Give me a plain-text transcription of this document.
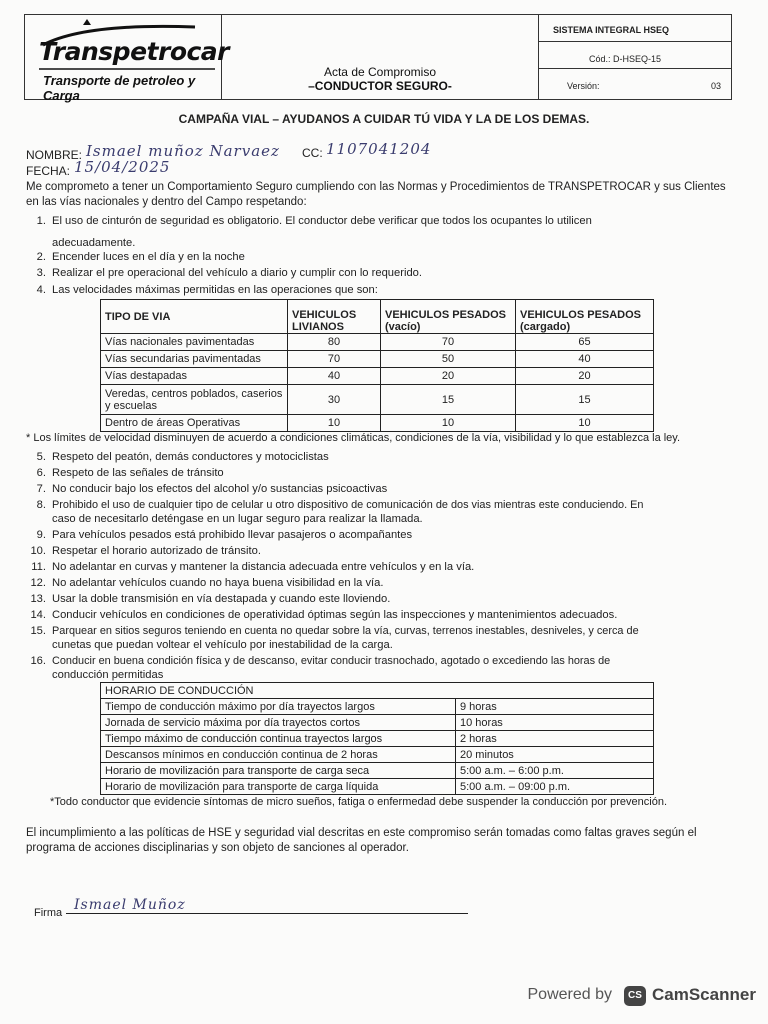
Transpetrocar
Transporte de petroleo y Carga
Acta de Compromiso
–CONDUCTOR SEGURO-
SISTEMA INTEGRAL HSEQ
Cód.: D-HSEQ-15
Versión:	03
CAMPAÑA VIAL – AYUDANOS A CUIDAR TÚ VIDA Y LA DE LOS DEMAS.
NOMBRE: Ismael muñoz Narvaez CC: 1107041204
FECHA: 15/04/2025
Me comprometo a tener un Comportamiento Seguro cumpliendo con las Normas y Procedimientos de TRANSPETROCAR y sus Clientes en las vías nacionales y dentro del Campo respetando:
1. El uso de cinturón de seguridad es obligatorio. El conductor debe verificar que todos los ocupantes lo utilicen
adecuadamente.
2. Encender luces en el día y en la noche
3. Realizar el pre operacional del vehículo a diario y cumplir con lo requerido.
4. Las velocidades máximas permitidas en las operaciones que son:
TIPO DE VIA	VEHICULOS LIVIANOS	VEHICULOS PESADOS (vacío)	VEHICULOS PESADOS (cargado)
Vías nacionales pavimentadas	80	70	65
Vías secundarias pavimentadas	70	50	40
Vías destapadas	40	20	20
Veredas, centros poblados, caserios y escuelas	30	15	15
Dentro de áreas Operativas	10	10	10
* Los límites de velocidad disminuyen de acuerdo a condiciones climáticas, condiciones de la vía, visibilidad y lo que establezca la ley.
5. Respeto del peatón, demás conductores y motociclistas
6. Respeto de las señales de tránsito
7. No conducir bajo los efectos del alcohol y/o sustancias psicoactivas
8. Prohibido el uso de cualquier tipo de celular u otro dispositivo de comunicación de dos vias mientras este conduciendo. En
caso de necesitarlo deténgase en un lugar seguro para realizar la llamada.
9. Para vehículos pesados está prohibido llevar pasajeros o acompañantes
10. Respetar el horario autorizado de tránsito.
11. No adelantar en curvas y mantener la distancia adecuada entre vehículos y en la vía.
12. No adelantar vehículos cuando no haya buena visibilidad en la vía.
13. Usar la doble transmisión en vía destapada y cuando este lloviendo.
14. Conducir vehículos en condiciones de operatividad óptimas según las inspecciones y mantenimientos adecuados.
15. Parquear en sitios seguros teniendo en cuenta no quedar sobre la vía, curvas, terrenos inestables, desniveles, y cerca de
cunetas que puedan voltear el vehículo por inestabilidad de la carga.
16. Conducir en buena condición física y de descanso, evitar conducir trasnochado, agotado o excediendo las horas de
conducción permitidas
HORARIO DE CONDUCCIÓN	
Tiempo de conducción máximo por día trayectos largos	9 horas
Jornada de servicio máxima por día trayectos cortos	10 horas
Tiempo máximo de conducción continua trayectos largos	2 horas
Descansos mínimos en conducción continua de 2 horas	20 minutos
Horario de movilización para transporte de carga seca	5:00 a.m. – 6:00 p.m.
Horario de movilización para transporte de carga líquida	5:00 a.m. – 09:00 p.m.
*Todo conductor que evidencie síntomas de micro sueños, fatiga o enfermedad debe suspender la conducción por prevención.
El incumplimiento a las políticas de HSE y seguridad vial descritas en este compromiso serán tomadas como faltas graves según el programa de acciones disciplinarias y son objeto de sanciones al operador.
Firma Ismael Muñoz
Powered by	CS CamScanner
